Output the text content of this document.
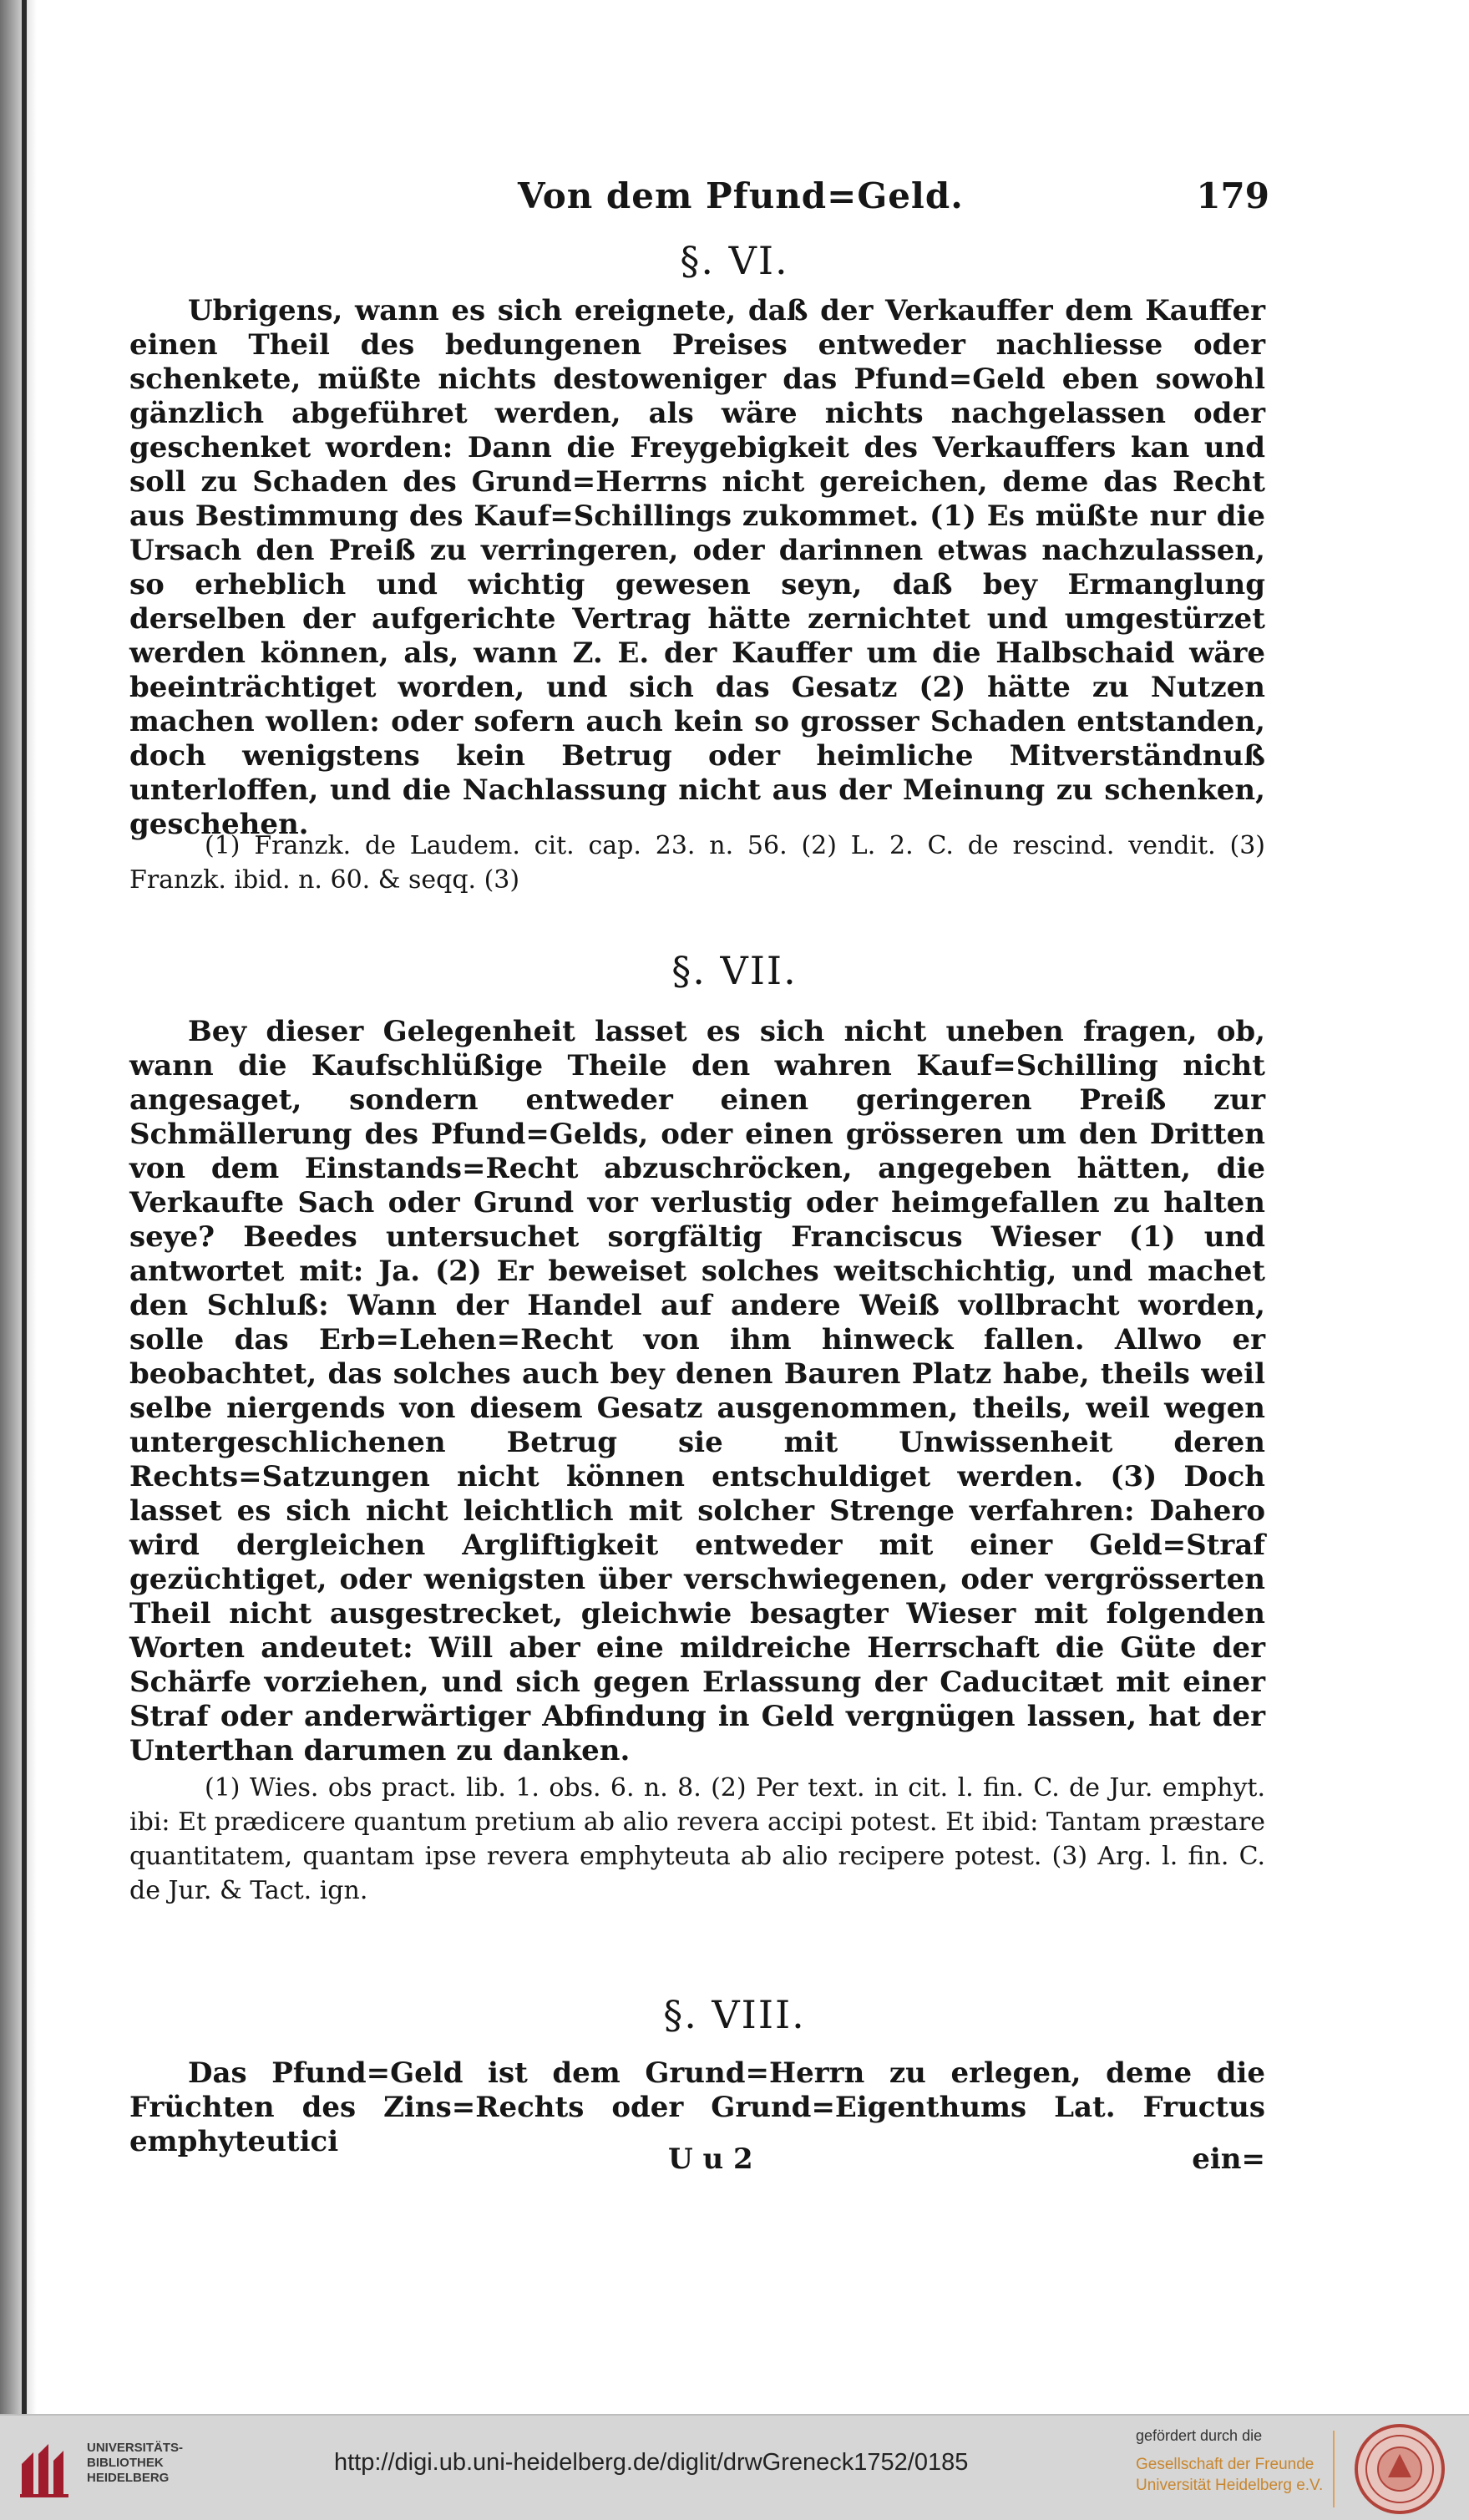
Von dem Pfund=Geld.	179
§. VI.
Ubrigens, wann es sich ereignete, daß der Verkauffer dem Kauffer einen Theil des bedungenen Preises entweder nachliesse oder schenkete, müßte nichts destoweniger das Pfund=Geld eben sowohl gänzlich abgeführet werden, als wäre nichts nachgelassen oder geschenket worden: Dann die Freygebigkeit des Verkauffers kan und soll zu Schaden des Grund=Herrns nicht gereichen, deme das Recht aus Bestimmung des Kauf=Schillings zukommet. (1) Es müßte nur die Ursach den Preiß zu verringeren, oder darinnen etwas nachzulassen, so erheblich und wichtig gewesen seyn, daß bey Ermanglung derselben der aufgerichte Vertrag hätte zernichtet und umgestürzet werden können, als, wann Z. E. der Kauffer um die Halbschaid wäre beeinträchtiget worden, und sich das Gesatz (2) hätte zu Nutzen machen wollen: oder sofern auch kein so grosser Schaden entstanden, doch wenigstens kein Betrug oder heimliche Mitverständnuß unterloffen, und die Nachlassung nicht aus der Meinung zu schenken, geschehen.
(1) Franzk. de Laudem. cit. cap. 23. n. 56. (2) L. 2. C. de rescind. vendit. (3) Franzk. ibid. n. 60. & seqq. (3)
§. VII.
Bey dieser Gelegenheit lasset es sich nicht uneben fragen, ob, wann die Kaufschlüßige Theile den wahren Kauf=Schilling nicht angesaget, sondern entweder einen geringeren Preiß zur Schmällerung des Pfund=Gelds, oder einen grösseren um den Dritten von dem Einstands=Recht abzuschröcken, angegeben hätten, die Verkaufte Sach oder Grund vor verlustig oder heimgefallen zu halten seye? Beedes untersuchet sorgfältig Franciscus Wieser (1) und antwortet mit: Ja. (2) Er beweiset solches weitschichtig, und machet den Schluß: Wann der Handel auf andere Weiß vollbracht worden, solle das Erb=Lehen=Recht von ihm hinweck fallen. Allwo er beobachtet, das solches auch bey denen Bauren Platz habe, theils weil selbe niergends von diesem Gesatz ausgenommen, theils, weil wegen untergeschlichenen Betrug sie mit Unwissenheit deren Rechts=Satzungen nicht können entschuldiget werden. (3) Doch lasset es sich nicht leichtlich mit solcher Strenge verfahren: Dahero wird dergleichen Argliftigkeit entweder mit einer Geld=Straf gezüchtiget, oder wenigsten über verschwiegenen, oder vergrösserten Theil nicht ausgestrecket, gleichwie besagter Wieser mit folgenden Worten andeutet: Will aber eine mildreiche Herrschaft die Güte der Schärfe vorziehen, und sich gegen Erlassung der Caducitæt mit einer Straf oder anderwärtiger Abfindung in Geld vergnügen lassen, hat der Unterthan darumen zu danken.
(1) Wies. obs pract. lib. 1. obs. 6. n. 8. (2) Per text. in cit. l. fin. C. de Jur. emphyt. ibi: Et prædicere quantum pretium ab alio revera accipi potest. Et ibid: Tantam præstare quantitatem, quantam ipse revera emphyteuta ab alio recipere potest. (3) Arg. l. fin. C. de Jur. & Tact. ign.
§. VIII.
Das Pfund=Geld ist dem Grund=Herrn zu erlegen, deme die Früchten des Zins=Rechts oder Grund=Eigenthums Lat. Fructus emphyteutici
U u 2	ein=
UNIVERSITÄTS-
BIBLIOTHEK
HEIDELBERG
http://digi.ub.uni-heidelberg.de/diglit/drwGreneck1752/0185
gefördert durch die
Gesellschaft der Freunde
Universität Heidelberg e.V.
